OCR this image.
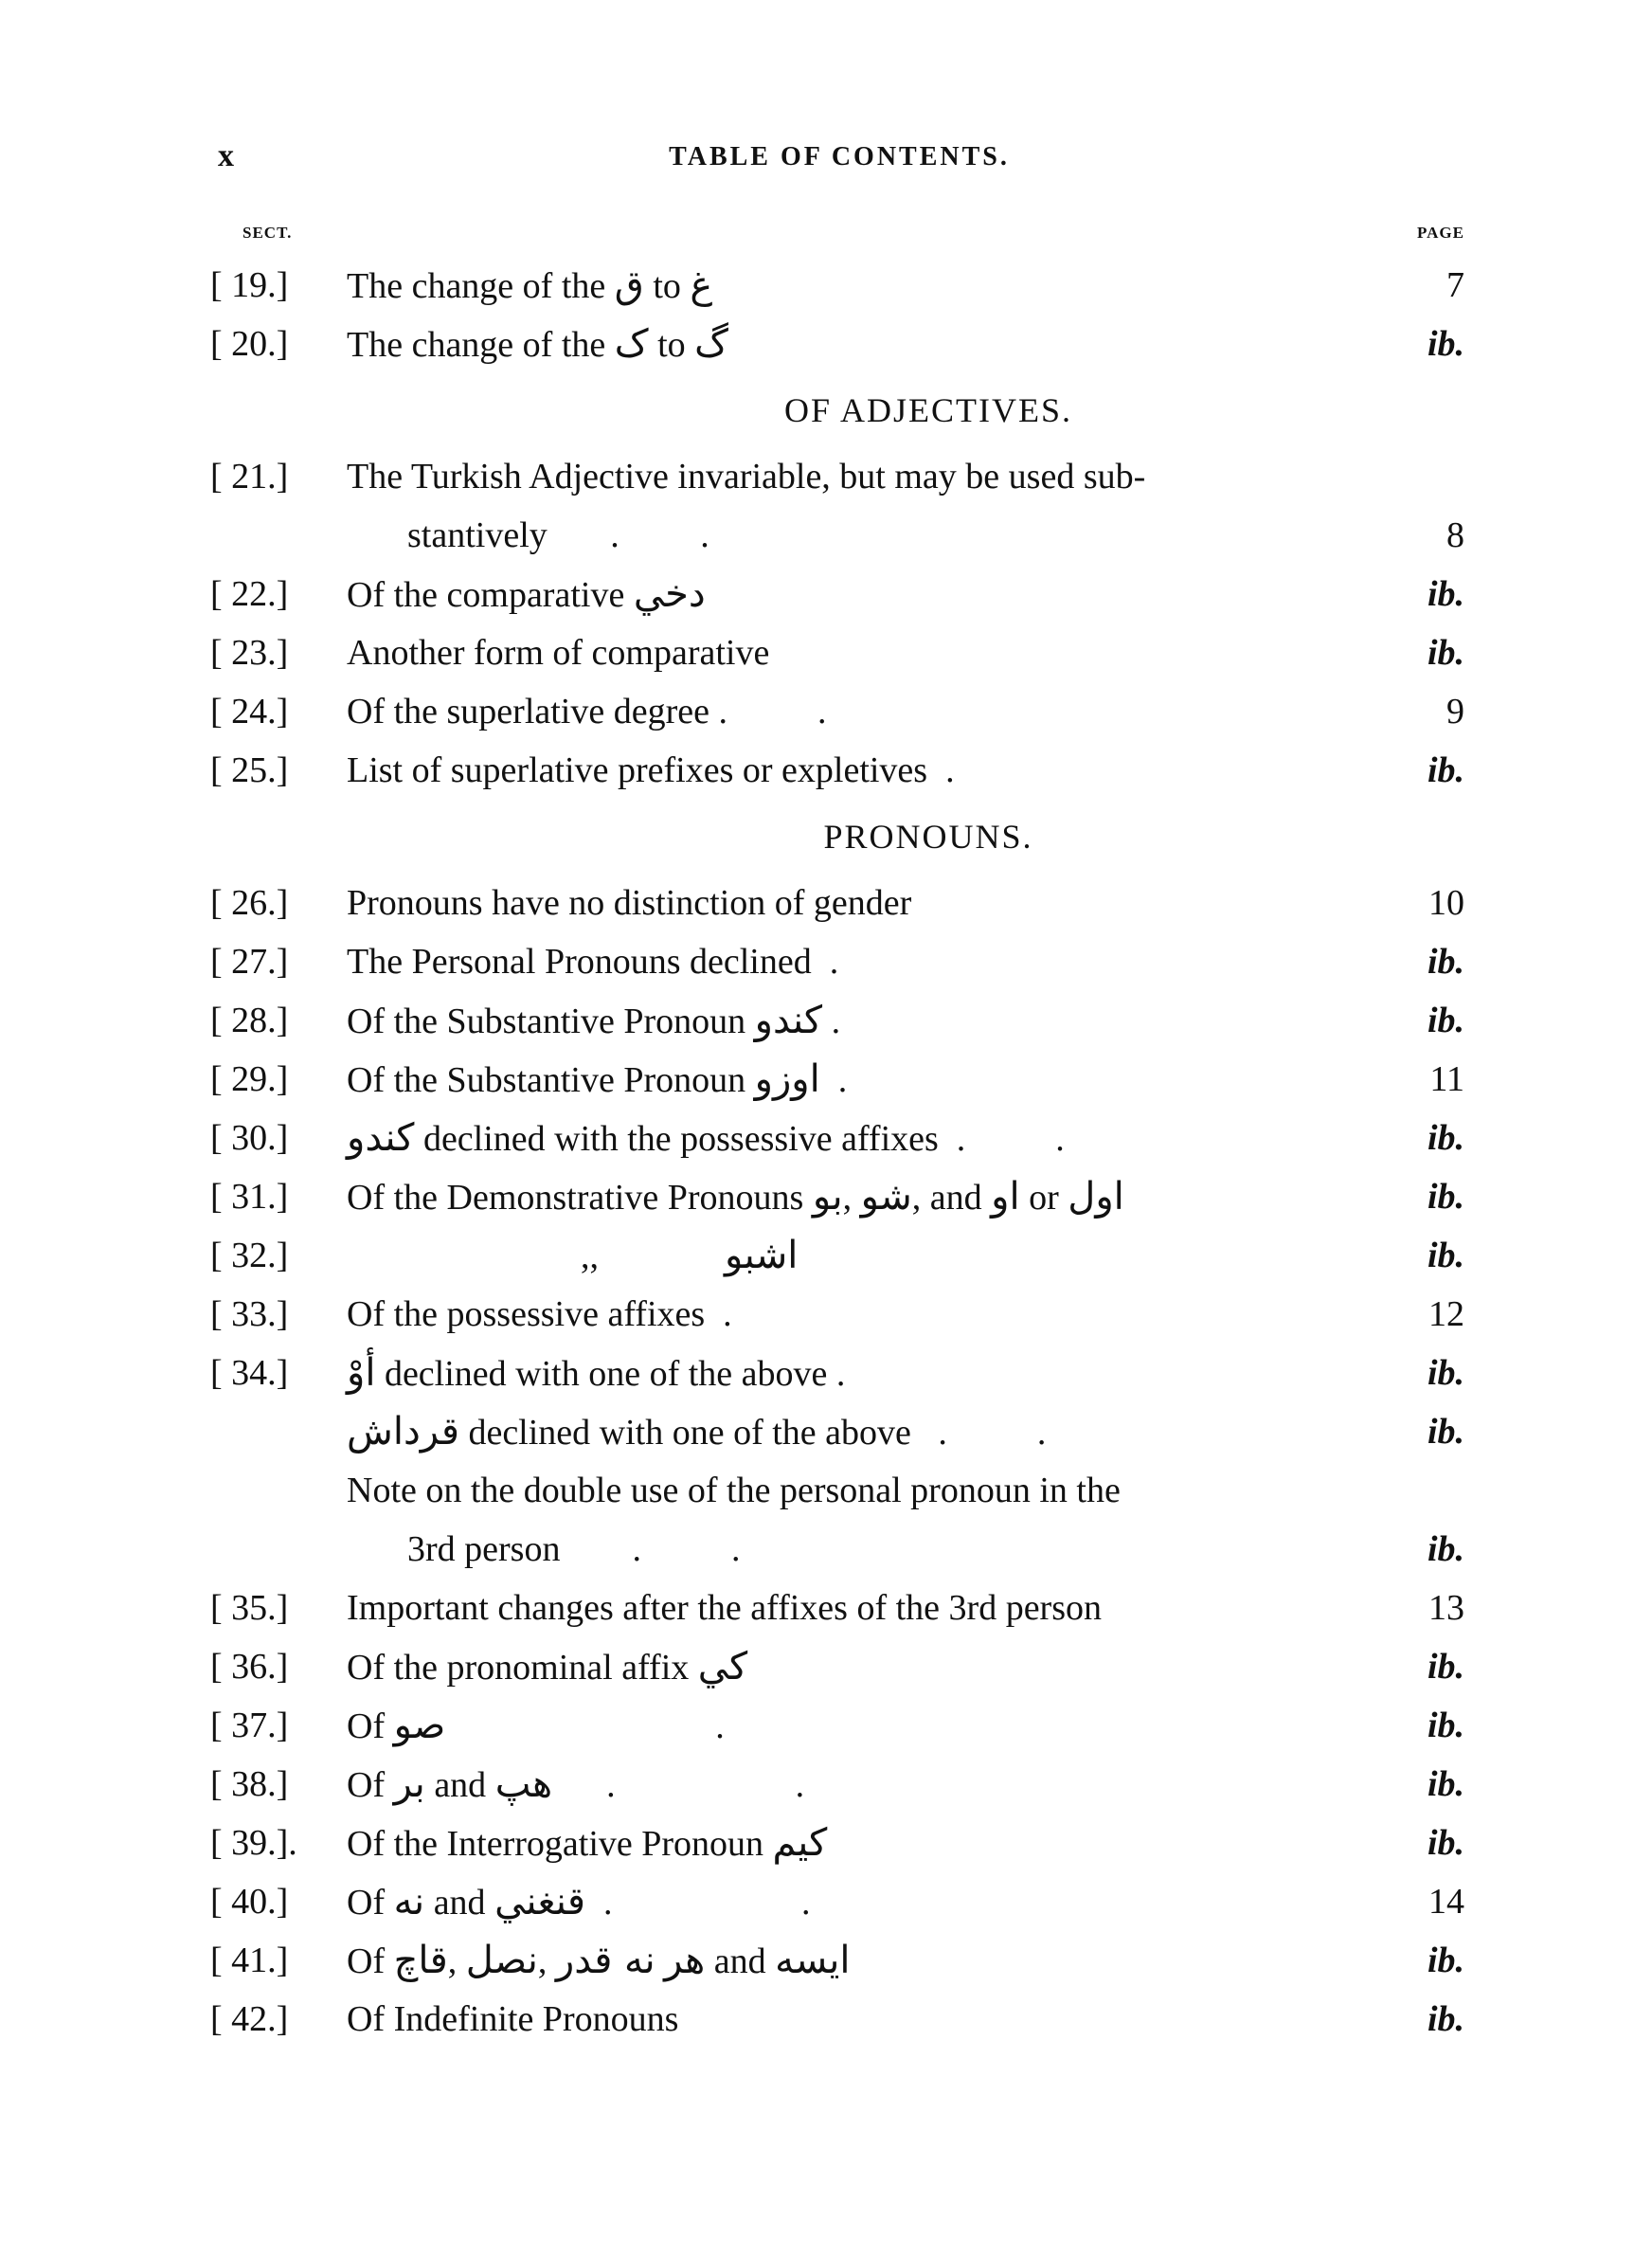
x	TABLE OF CONTENTS.
SECT.	PAGE
[ 19.]	The change of the ق to غ	7
[ 20.]	The change of the ک to گ	ib.
OF ADJECTIVES.
[ 21.]	The Turkish Adjective invariable, but may be used sub-
stantively       .         .	8
[ 22.]	Of the comparative دخي	ib.
[ 23.]	Another form of comparative	ib.
[ 24.]	Of the superlative degree .          .	9
[ 25.]	List of superlative prefixes or expletives  .	ib.
PRONOUNS.
[ 26.]	Pronouns have no distinction of gender	10
[ 27.]	The Personal Pronouns declined  .	ib.
[ 28.]	Of the Substantive Pronoun كندو .	ib.
[ 29.]	Of the Substantive Pronoun اوزو  .	11
[ 30.]	كندو declined with the possessive affixes  .          .	ib.
[ 31.]	Of the Demonstrative Pronouns بو, شو, and او or اول	ib.
[ 32.]	,,              اشبو	ib.
[ 33.]	Of the possessive affixes  .	12
[ 34.]	أوْ declined with one of the above .	ib.
قرداش declined with one of the above   .          .	ib.
Note on the double use of the personal pronoun in the
3rd person        .          .	ib.
[ 35.]	Important changes after the affixes of the 3rd person	13
[ 36.]	Of the pronominal affix كي	ib.
[ 37.]	Of صو                              .	ib.
[ 38.]	Of بر and هپ      .                    .	ib.
[ 39.].	Of the Interrogative Pronoun كيم	ib.
[ 40.]	Of نه and قنغني  .                     .	14
[ 41.]	Of قاچ, نصل, نه قدر هر and ايسه	ib.
[ 42.]	Of Indefinite Pronouns	ib.
